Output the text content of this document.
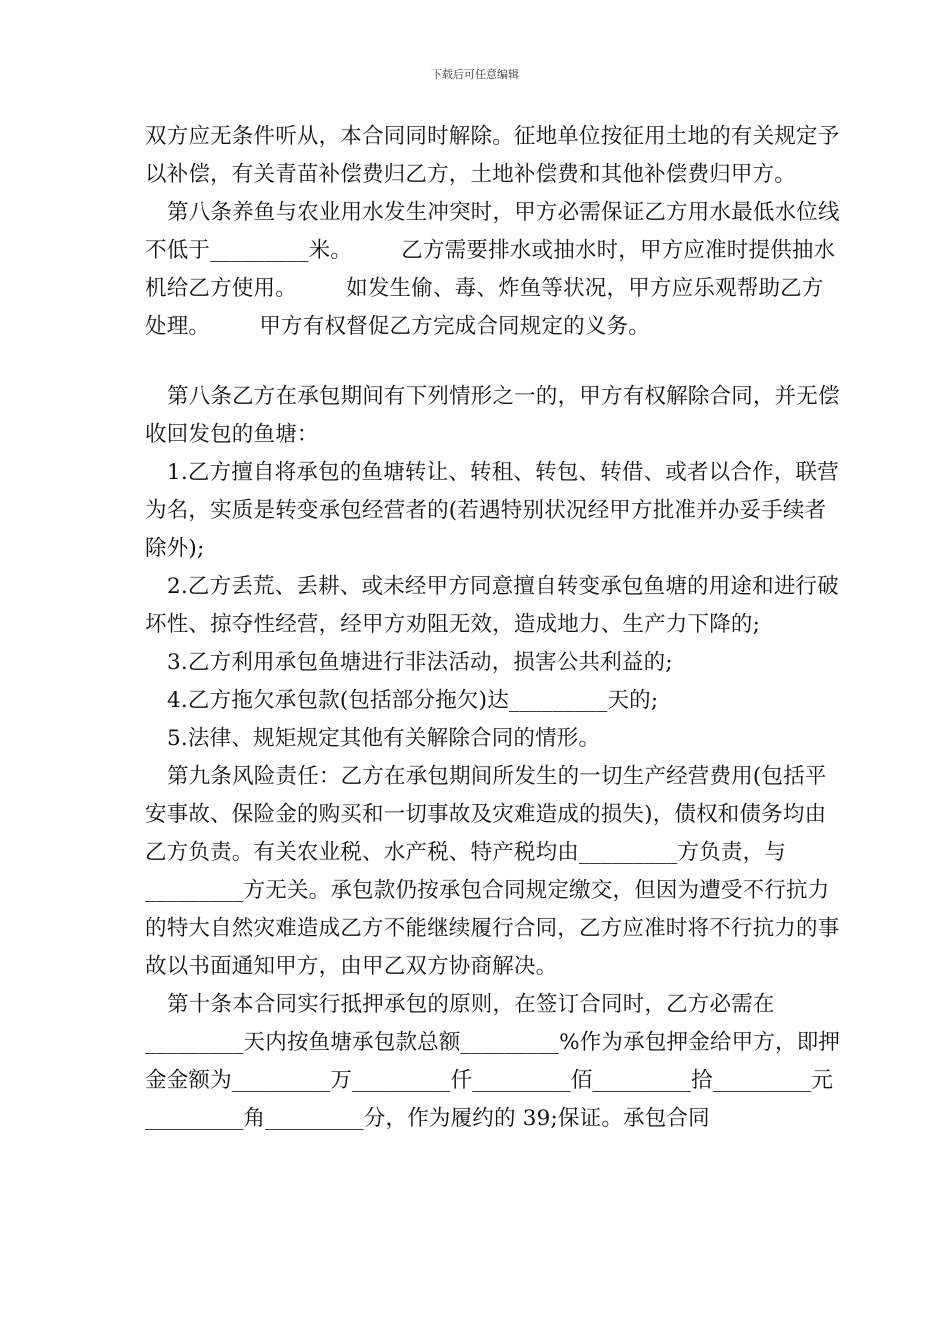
下载后可任意编辑

双方应无条件听从，本合同同时解除。征地单位按征用土地的有关规定予以补偿，有关青苗补偿费归乙方，土地补偿费和其他补偿费归甲方。

第八条养鱼与农业用水发生冲突时，甲方必需保证乙方用水最低水位线不低于_________米。       乙方需要排水或抽水时，甲方应准时提供抽水机给乙方使用。       如发生偷、毒、炸鱼等状况，甲方应乐观帮助乙方处理。       甲方有权督促乙方完成合同规定的义务。

第八条乙方在承包期间有下列情形之一的，甲方有权解除合同，并无偿收回发包的鱼塘：

1.乙方擅自将承包的鱼塘转让、转租、转包、转借、或者以合作，联营为名，实质是转变承包经营者的(若遇特别状况经甲方批准并办妥手续者除外);

2.乙方丢荒、丢耕、或未经甲方同意擅自转变承包鱼塘的用途和进行破坏性、掠夺性经营，经甲方劝阻无效，造成地力、生产力下降的;

3.乙方利用承包鱼塘进行非法活动，损害公共利益的;

4.乙方拖欠承包款(包括部分拖欠)达_________天的;

5.法律、规矩规定其他有关解除合同的情形。

第九条风险责任：乙方在承包期间所发生的一切生产经营费用(包括平安事故、保险金的购买和一切事故及灾难造成的损失)，债权和债务均由乙方负责。有关农业税、水产税、特产税均由_________方负责，与_________方无关。承包款仍按承包合同规定缴交，但因为遭受不行抗力的特大自然灾难造成乙方不能继续履行合同，乙方应准时将不行抗力的事故以书面通知甲方，由甲乙双方协商解决。

第十条本合同实行抵押承包的原则，在签订合同时，乙方必需在_________天内按鱼塘承包款总额_________%作为承包押金给甲方，即押金金额为_________万_________仟_________佰_________拾_________元_________角_________分，作为履约的 39;保证。承包合同
